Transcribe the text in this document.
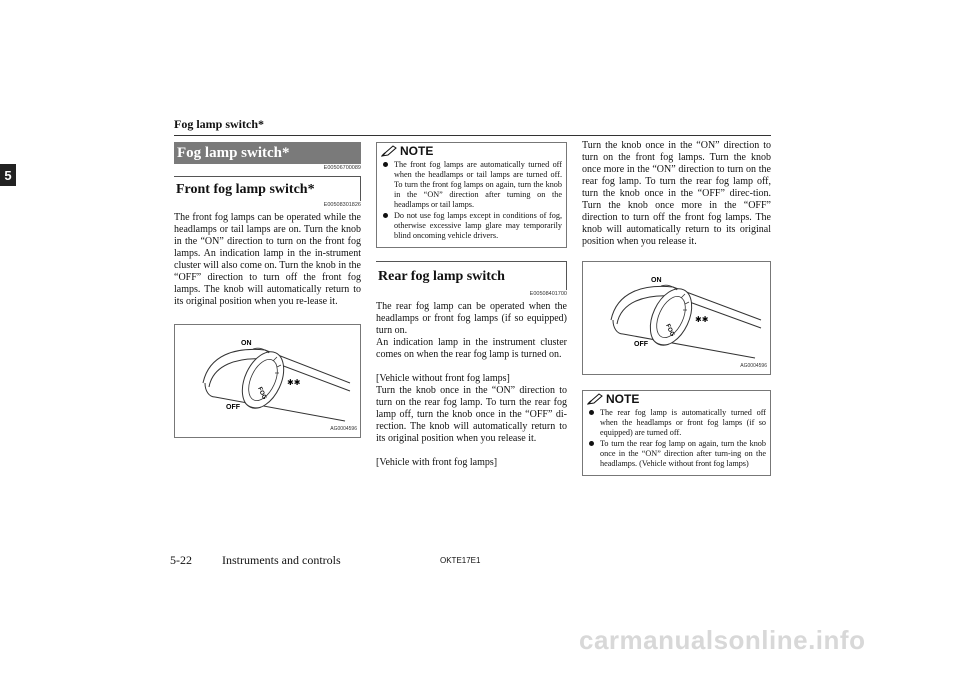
Fog lamp switch*
5
Fog lamp switch*
E00506700089
Front fog lamp switch*
E00508301826

The front fog lamps can be operated while the headlamps or tail lamps are on. Turn the knob in the “ON” direction to turn on the front fog lamps. An indication lamp in the in-strument cluster will also come on. Turn the knob in the “OFF” direction to turn off the front fog lamps. The knob will automatically return to its original position when you re-lease it.

FOG
✱✱
ON
OFF
AG0004596
NOTE
The front fog lamps are automatically turned off when the headlamps or tail lamps are turned off. To turn the front fog lamps on again, turn the knob in the “ON” direction after turning on the headlamps or tail lamps.
Do not use fog lamps except in conditions of fog, otherwise excessive lamp glare may temporarily blind oncoming vehicle drivers.
Rear fog lamp switch
E00508401700

The rear fog lamp can be operated when the headlamps or front fog lamps (if so equipped) turn on.

An indication lamp in the instrument cluster comes on when the rear fog lamp is turned on.

[Vehicle without front fog lamps]

Turn the knob once in the “ON” direction to turn on the rear fog lamp. To turn the rear fog lamp off, turn the knob once in the “OFF” di-rection. The knob will automatically return to its original position when you release it.

[Vehicle with front fog lamps]

Turn the knob once in the “ON” direction to turn on the front fog lamps. Turn the knob once more in the “ON” direction to turn on the rear fog lamp. To turn the rear fog lamp off, turn the knob once in the “OFF” direc-tion. Turn the knob once more in the “OFF” direction to turn off the front fog lamps. The knob will automatically return to its original position when you release it.

FOG
✱✱
ON
OFF
AG0004596
NOTE
The rear fog lamp is automatically turned off when the headlamps or front fog lamps (if so equipped) are turned off.
To turn the rear fog lamp on again, turn the knob once in the “ON” direction after turn-ing on the headlamps. (Vehicle without front fog lamps)
5-22	Instruments and controls	OKTE17E1
carmanualsonline.info
